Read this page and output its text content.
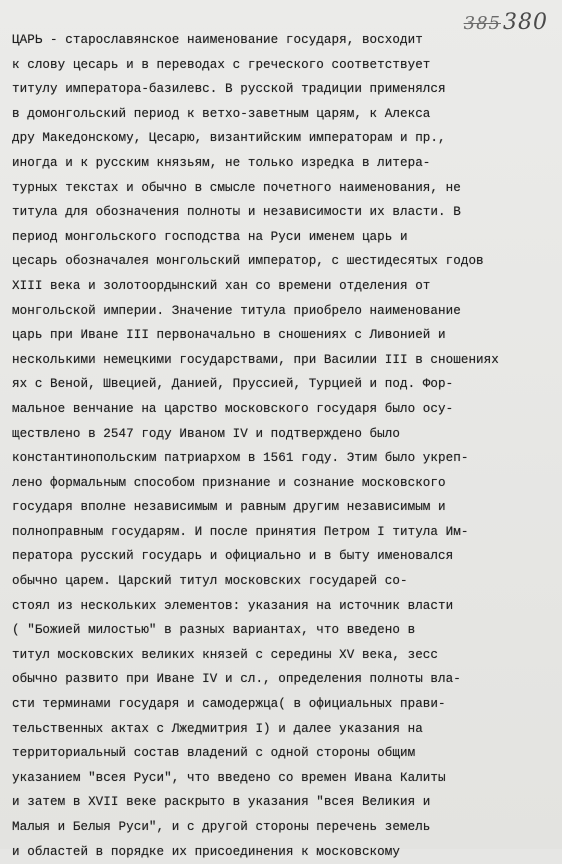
385380
ЦАРЬ - старославянское наименование государя, восходит
к слову цесарь и в переводах с греческого соответствует
титулу императора-базилевс. В русской традиции применялся
в домонгольский период к ветхо-заветным царям, к Алекса
дру Македонскому, Цесарю, византийским императорам и пр.,
иногда и к русским князьям, не только изредка в литера-
турных текстах и обычно в смысле почетного наименования, не
титула для обозначения полноты и независимости их власти. В
период монгольского господства на Руси именем царь и
цесарь обозначалея монгольский император, с шестидесятых годов
XIII века и золотоордынский хан со времени отделения от
монгольской империи. Значение титула приобрело наименование
царь при Иване III первоначально в сношениях с Ливонией и
несколькими немецкими государствами, при Василии III в сношениях
ях с Веной, Швецией, Данией, Пруссией, Турцией и под. Фор-
мальное венчание на царство московского государя было осу-
ществлено в 2547 году Иваном IV и подтверждено было
константинопольским патриархом в 1561 году. Этим было укреп-
лено формальным способом признание и сознание московского
государя вполне независимым и равным другим независимым и
полноправным государям. И после принятия Петром I титула Им-
ператора русский государь и официально и в быту именовался
обычно царем. Царский титул московских государей со-
стоял из нескольких элементов: указания на источник власти
( "Божией милостью" в разных вариантах, что введено в
титул московских великих князей с середины XV века, зесс
обычно развито при Иване IV и сл., определения полноты вла-
сти терминами государя и самодержца( в официальных прави-
тельственных актах с Лжедмитрия I) и далее указания на
территориальный состав владений с одной стороны общим
указанием "всея Руси", что введено со времен Ивана Калиты
и затем в XVII веке раскрыто в указания "всея Великия и
Малыя и Белыя Руси", и с другой стороны перечень земель
и областей в порядке их присоединения к московскому
